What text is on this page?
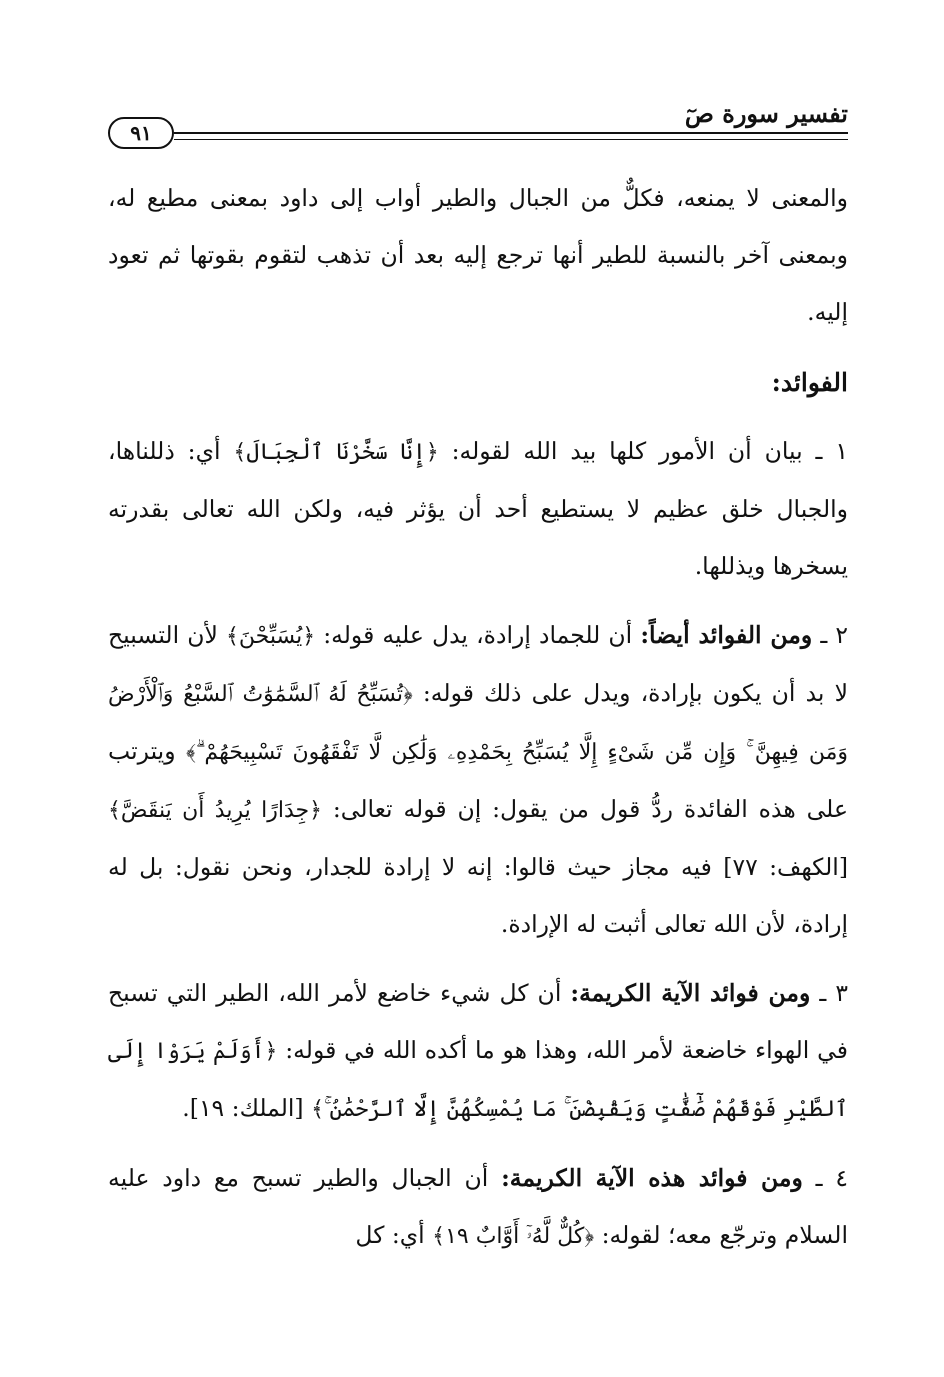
تفسير سورة صٓ
٩١

والمعنى لا يمنعه، فكلٌّ من الجبال والطير أواب إلى داود بمعنى مطيع له، وبمعنى آخر بالنسبة للطير أنها ترجع إليه بعد أن تذهب لتقوم بقوتها ثم تعود إليه.

الفوائد:

١ ـ بيان أن الأمور كلها بيد الله لقوله: ﴿إِنَّا سَخَّرْنَا ٱلْجِبَالَ﴾ أي: ذللناها، والجبال خلق عظيم لا يستطيع أحد أن يؤثر فيه، ولكن الله تعالى بقدرته يسخرها ويذللها.

٢ ـ ومن الفوائد أيضاً: أن للجماد إرادة، يدل عليه قوله: ﴿يُسَبِّحْنَ﴾ لأن التسبيح لا بد أن يكون بإرادة، ويدل على ذلك قوله: ﴿تُسَبِّحُ لَهُ ٱلسَّمَٰوَٰتُ ٱلسَّبْعُ وَٱلْأَرْضُ وَمَن فِيهِنَّ ۚ وَإِن مِّن شَىْءٍ إِلَّا يُسَبِّحُ بِحَمْدِهِۦ وَلَٰكِن لَّا تَفْقَهُونَ تَسْبِيحَهُمْ ۗ﴾ ويترتب على هذه الفائدة ردُّ قول من يقول: إن قوله تعالى: ﴿جِدَارًا يُرِيدُ أَن يَنقَضَّ﴾ [الكهف: ٧٧] فيه مجاز حيث قالوا: إنه لا إرادة للجدار، ونحن نقول: بل له إرادة، لأن الله تعالى أثبت له الإرادة.

٣ ـ ومن فوائد الآية الكريمة: أن كل شيء خاضع لأمر الله، الطير التي تسبح في الهواء خاضعة لأمر الله، وهذا هو ما أكده الله في قوله: ﴿أَوَلَمْ يَرَوْا إِلَى ٱلطَّيْرِ فَوْقَهُمْ صَٰٓفَّٰتٍ وَيَقْبِضْنَ ۚ مَا يُمْسِكُهُنَّ إِلَّا ٱلرَّحْمَٰنُ ۚ﴾ [الملك: ١٩].

٤ ـ ومن فوائد هذه الآية الكريمة: أن الجبال والطير تسبح مع داود عليه السلام وترجّع معه؛ لقوله: ﴿كُلٌّ لَّهُۥٓ أَوَّابٌ ١٩﴾ أي: كل
